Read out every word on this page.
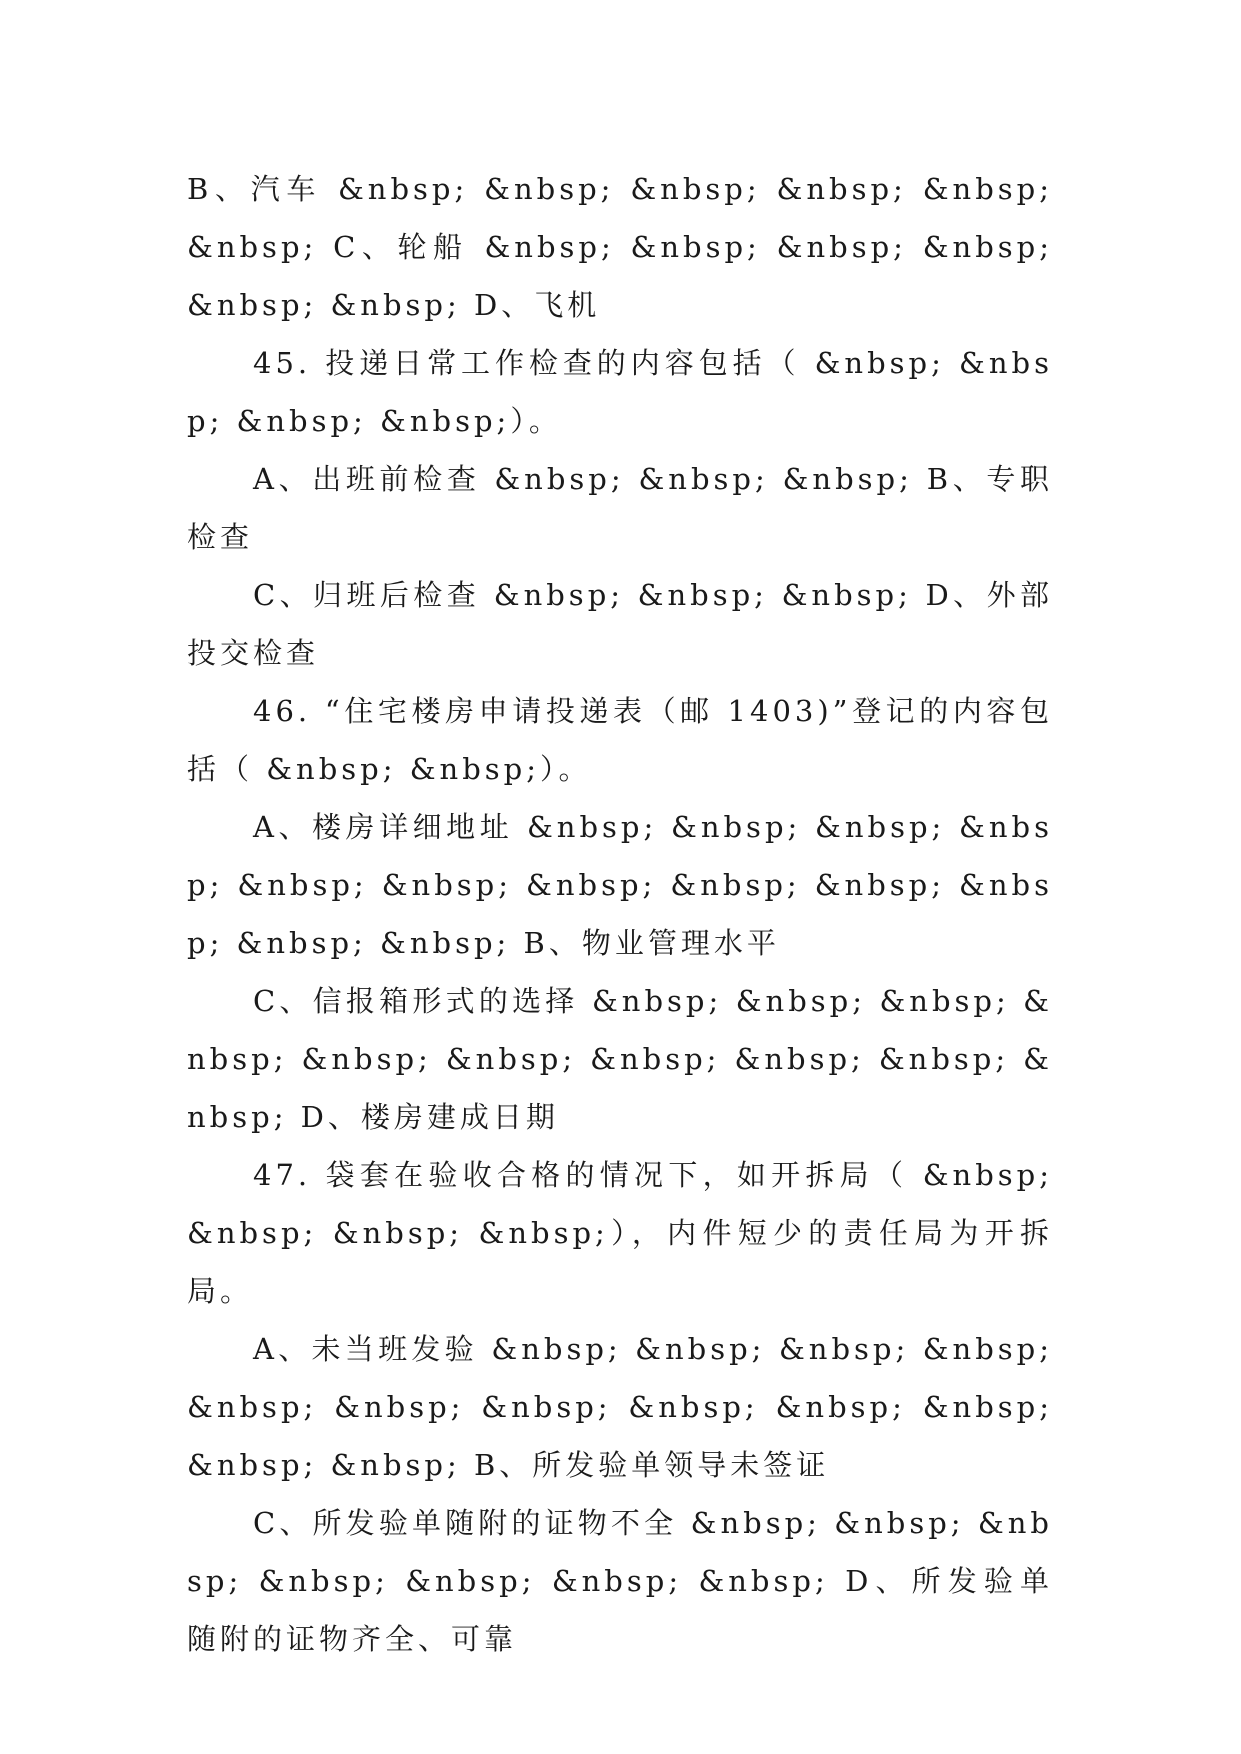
B、汽车 &nbsp; &nbsp; &nbsp; &nbsp; &nbsp; &nbsp; C、轮船 &nbsp; &nbsp; &nbsp; &nbsp; &nbsp; &nbsp; D、飞机

45. 投递日常工作检查的内容包括（ &nbsp; &nbsp; &nbsp; &nbsp;）。

A、出班前检查 &nbsp; &nbsp; &nbsp; B、专职检查

C、归班后检查 &nbsp; &nbsp; &nbsp; D、外部投交检查

46. “住宅楼房申请投递表（邮 1403)”登记的内容包括（ &nbsp; &nbsp;）。

A、楼房详细地址 &nbsp; &nbsp; &nbsp; &nbsp; &nbsp; &nbsp; &nbsp; &nbsp; &nbsp; &nbsp; &nbsp; &nbsp; B、物业管理水平

C、信报箱形式的选择 &nbsp; &nbsp; &nbsp; &nbsp; &nbsp; &nbsp; &nbsp; &nbsp; &nbsp; &nbsp; D、楼房建成日期

47. 袋套在验收合格的情况下，如开拆局（ &nbsp; &nbsp; &nbsp; &nbsp;），内件短少的责任局为开拆局。

A、未当班发验 &nbsp; &nbsp; &nbsp; &nbsp; &nbsp; &nbsp; &nbsp; &nbsp; &nbsp; &nbsp; &nbsp; &nbsp; B、所发验单领导未签证

C、所发验单随附的证物不全 &nbsp; &nbsp; &nbsp; &nbsp; &nbsp; &nbsp; &nbsp; D、所发验单随附的证物齐全、可靠
